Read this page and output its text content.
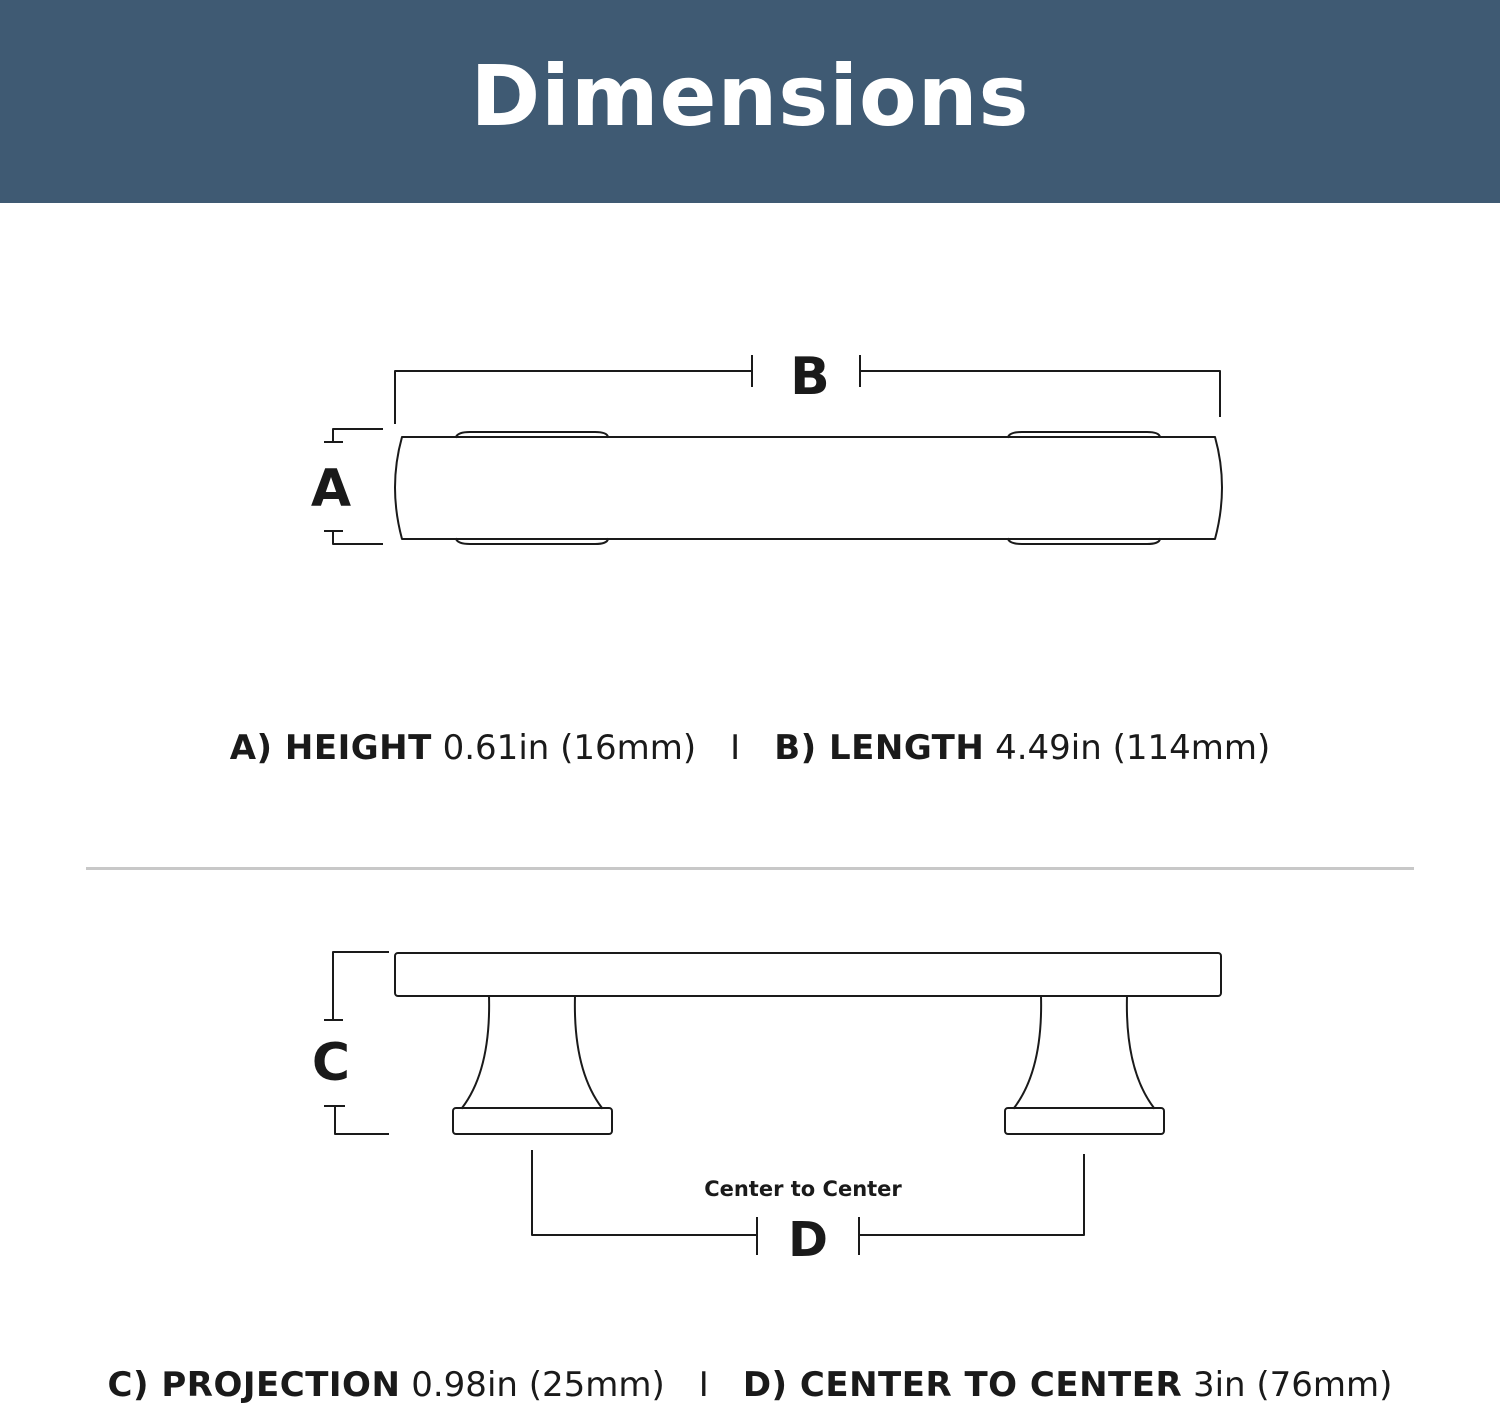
Dimensions
B
A
C
Center to Center
D
A) HEIGHT 0.61in (16mm) I B) LENGTH 4.49in (114mm)
C) PROJECTION 0.98in (25mm) I D) CENTER TO CENTER 3in (76mm)
